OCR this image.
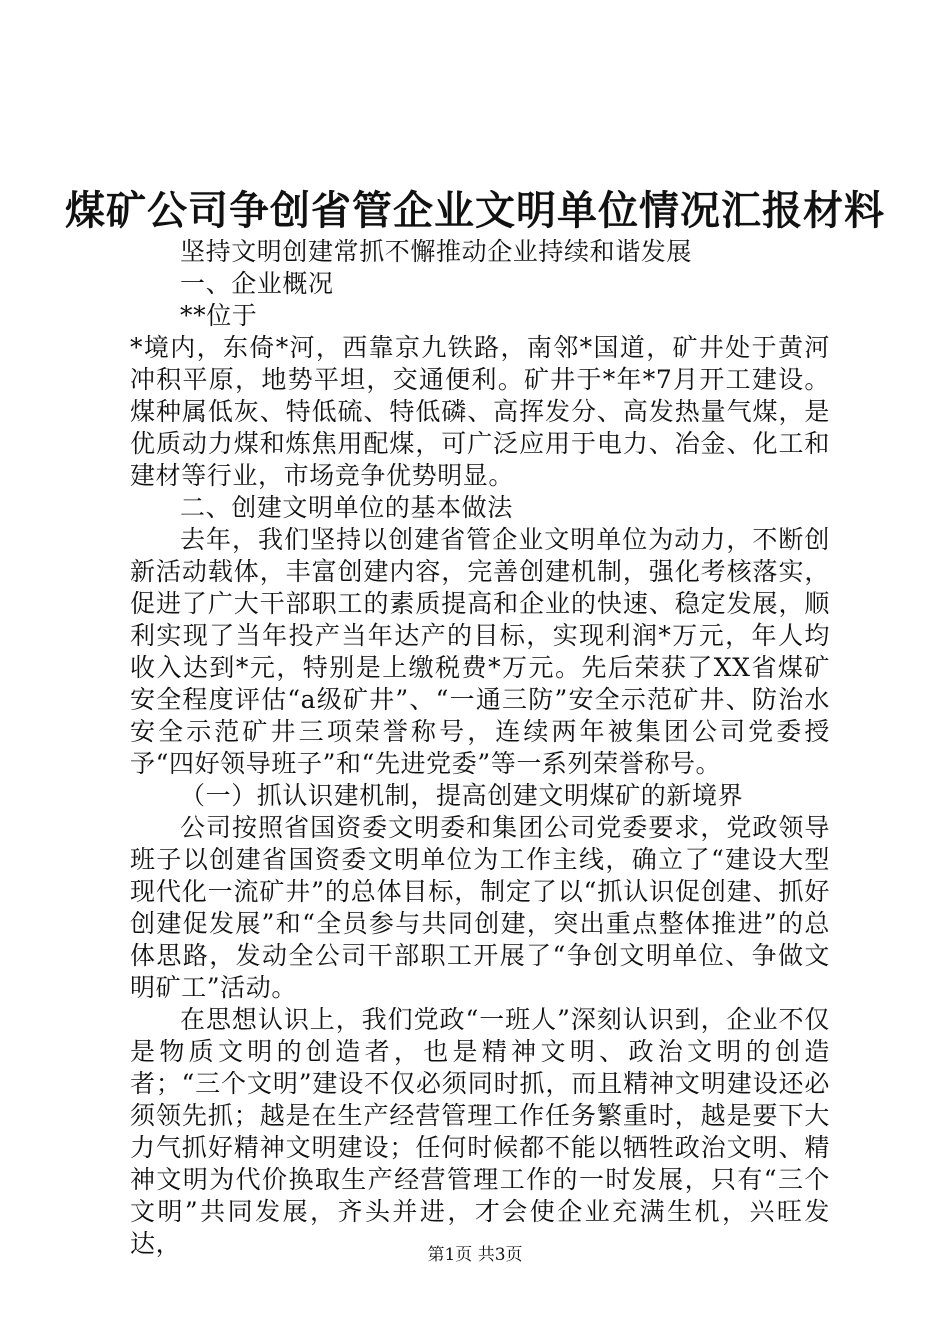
煤矿公司争创省管企业文明单位情况汇报材料

坚持文明创建常抓不懈推动企业持续和谐发展

一、企业概况

**位于

*境内，东倚*河，西靠京九铁路，南邻*国道，矿井处于黄河冲积平原，地势平坦，交通便利。矿井于*年*7月开工建设。煤种属低灰、特低硫、特低磷、高挥发分、高发热量气煤，是优质动力煤和炼焦用配煤，可广泛应用于电力、冶金、化工和建材等行业，市场竞争优势明显。

二、创建文明单位的基本做法

去年，我们坚持以创建省管企业文明单位为动力，不断创新活动载体，丰富创建内容，完善创建机制，强化考核落实，促进了广大干部职工的素质提高和企业的快速、稳定发展，顺利实现了当年投产当年达产的目标，实现利润*万元，年人均收入达到*元，特别是上缴税费*万元。先后荣获了XX省煤矿安全程度评估“a级矿井”、“一通三防”安全示范矿井、防治水安全示范矿井三项荣誉称号，连续两年被集团公司党委授予“四好领导班子”和“先进党委”等一系列荣誉称号。

（一）抓认识建机制，提高创建文明煤矿的新境界

公司按照省国资委文明委和集团公司党委要求，党政领导班子以创建省国资委文明单位为工作主线，确立了“建设大型现代化一流矿井”的总体目标，制定了以“抓认识促创建、抓好创建促发展”和“全员参与共同创建，突出重点整体推进”的总体思路，发动全公司干部职工开展了“争创文明单位、争做文明矿工”活动。

在思想认识上，我们党政“一班人”深刻认识到，企业不仅是物质文明的创造者，也是精神文明、政治文明的创造者；“三个文明”建设不仅必须同时抓，而且精神文明建设还必须领先抓；越是在生产经营管理工作任务繁重时，越是要下大力气抓好精神文明建设；任何时候都不能以牺牲政治文明、精神文明为代价换取生产经营管理工作的一时发展，只有“三个文明”共同发展，齐头并进，才会使企业充满生机，兴旺发达，	第1页 共3页
